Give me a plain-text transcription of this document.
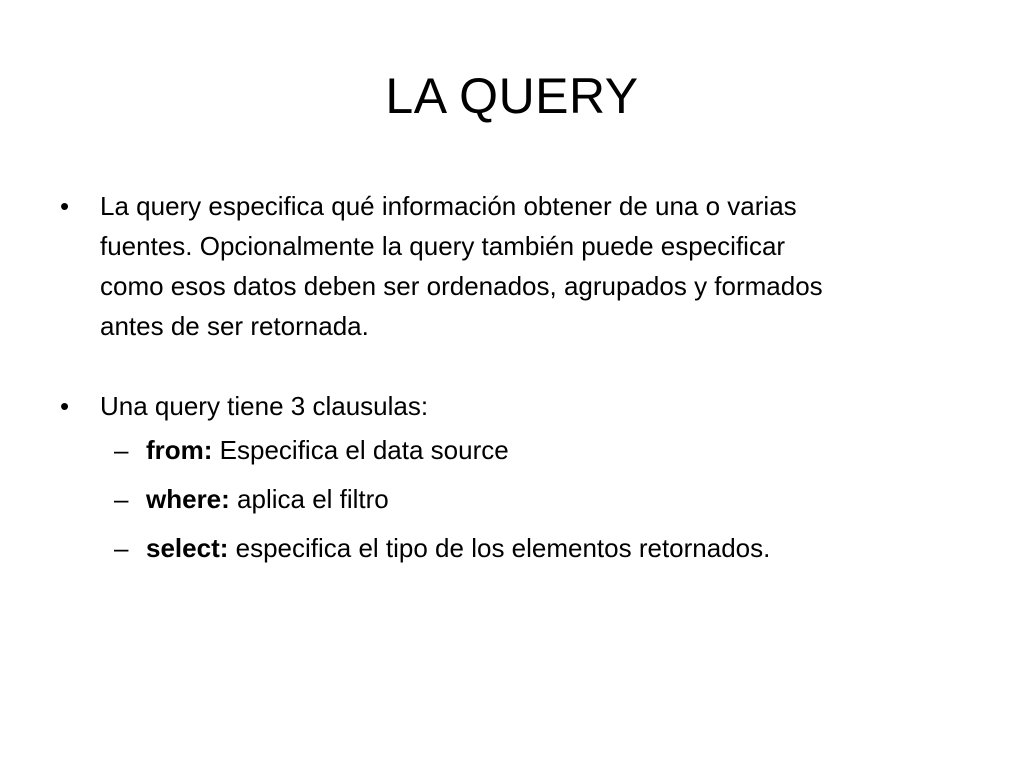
LA QUERY
• La query especifica qué información obtener de una o varias
fuentes. Opcionalmente la query también puede especificar
como esos datos deben ser ordenados, agrupados y formados
antes de ser retornada.
• Una query tiene 3 clausulas:
– from: Especifica el data source
– where: aplica el filtro
– select: especifica el tipo de los elementos retornados.
